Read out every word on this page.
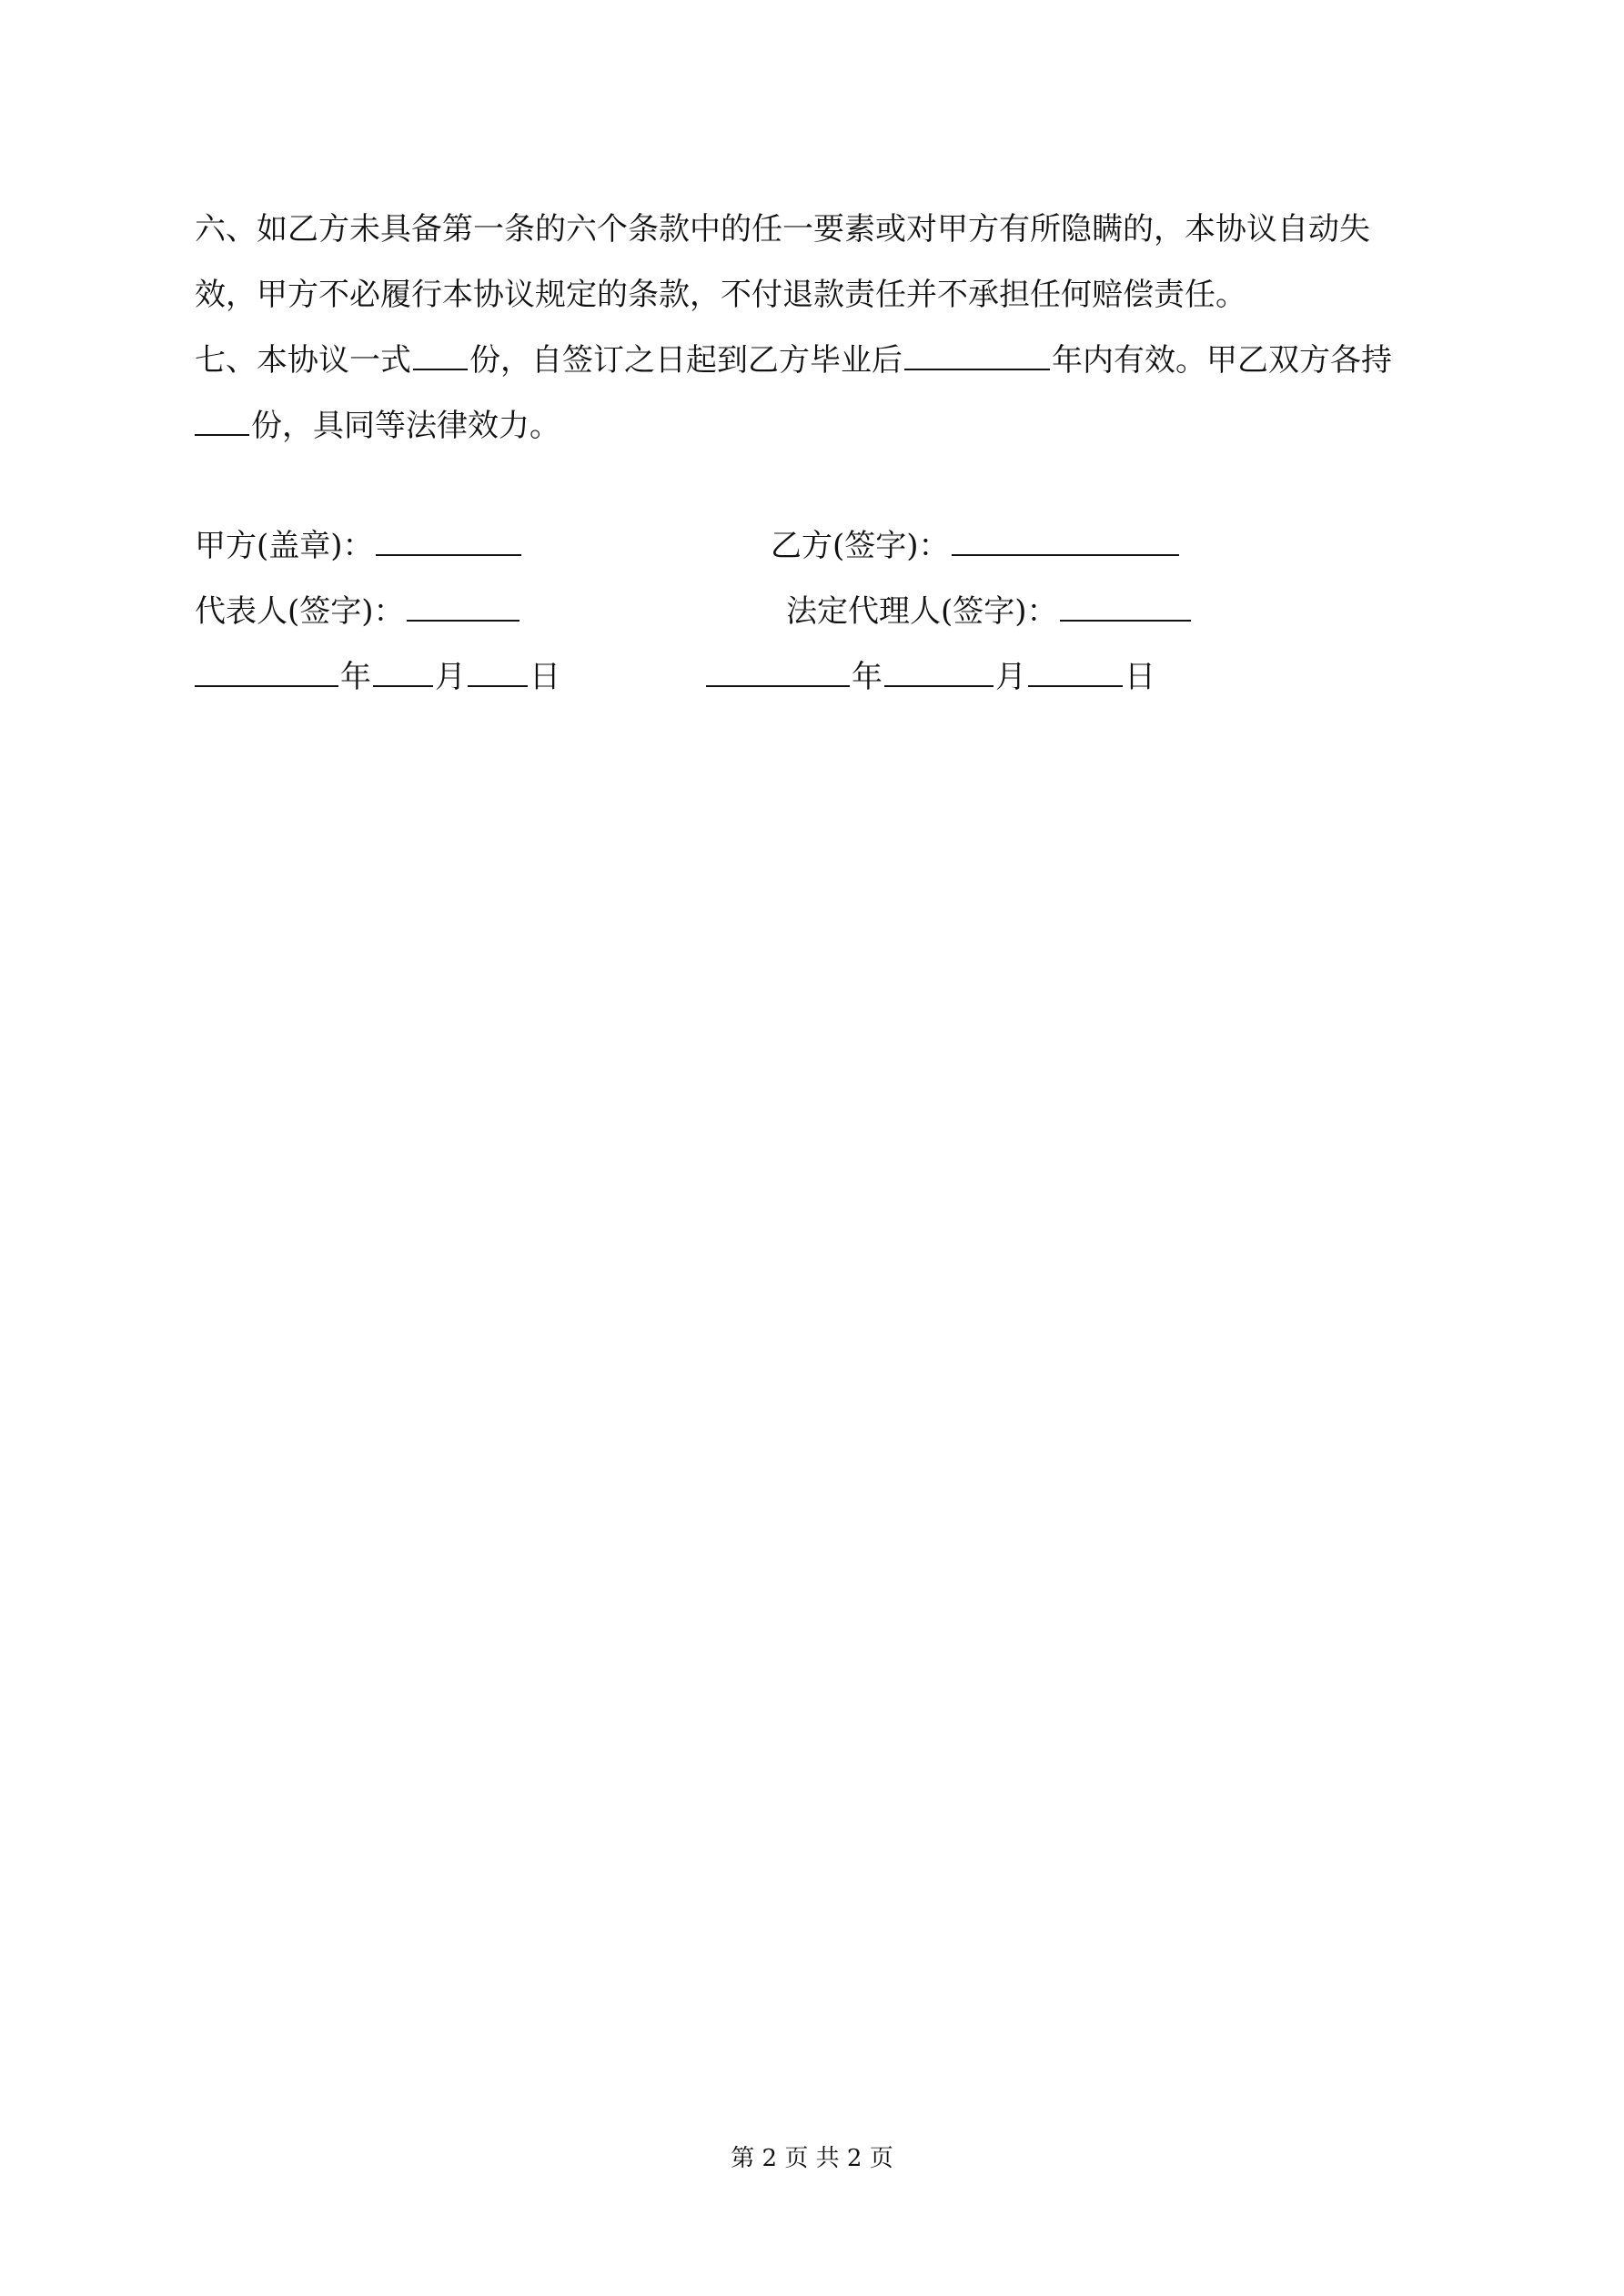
六、如乙方未具备第一条的六个条款中的任一要素或对甲方有所隐瞒的，本协议自动失
效，甲方不必履行本协议规定的条款，不付退款责任并不承担任何赔偿责任。

七、本协议一式 份，自签订之日起到乙方毕业后	年内有效。甲乙双方各持
份，具同等法律效力。

甲方(盖章)：	乙方(签字)：
代表人(签字)：	法定代理人(签字)：
年 月 日	年	月	日
第 2 页 共 2 页
